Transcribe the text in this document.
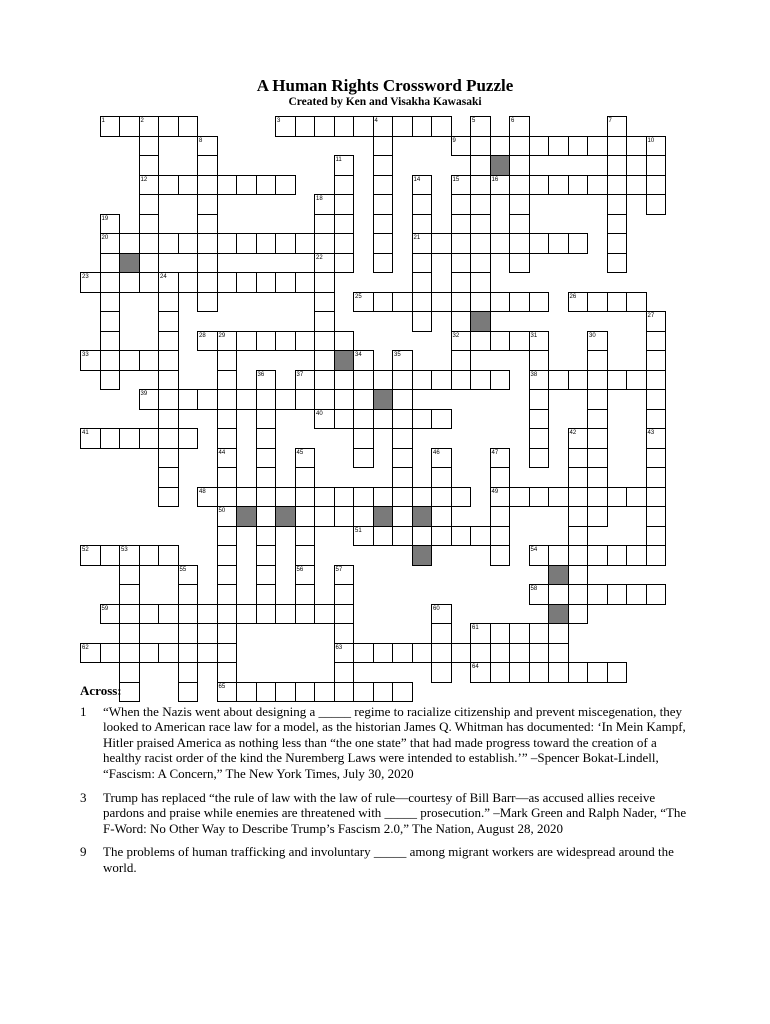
A Human Rights Crossword Puzzle
Created by Ken and Visakha Kawasaki
1	3
9
12	16
20	21
23
25	26
28	32
33
37	38
39
40
41
48	49
50
51
52	54
58
59
61
62	63
64
65
2	4	5	6	7
8	10
11
14	15
18
19
22
24
27
29	30
31
34	35
36
42	43
44	45	46	47
53
55	56	57
60
Across:
1	“When the Nazis went about designing a _____ regime to racialize citizenship and prevent miscegenation, they looked to American race law for a model, as the historian James Q. Whitman has documented: ‘In Mein Kampf, Hitler praised America as nothing less than “the one state” that had made progress toward the creation of a healthy racist order of the kind the Nuremberg Laws were intended to establish.’” –Spencer Bokat-Lindell, “Fascism: A Concern,” The New York Times, July 30, 2020
3	Trump has replaced “the rule of law with the law of rule—courtesy of Bill Barr—as accused allies receive pardons and praise while enemies are threatened with _____ prosecution.” –Mark Green and Ralph Nader, “The F-Word: No Other Way to Describe Trump’s Fascism 2.0,” The Nation, August 28, 2020
9	The problems of human trafficking and involuntary _____ among migrant workers are widespread around the world.
